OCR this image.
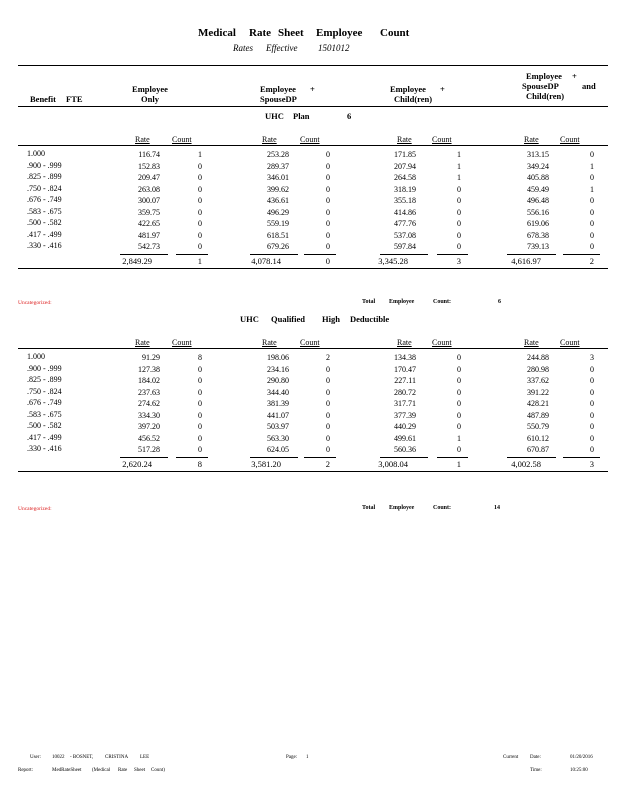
Medical Rate Sheet Employee Count
Rates Effective 1501012
Benefit	FTE
Employee
Only
Employee +
SpouseDP
Employee +
Child(ren)
Employee +
SpouseDP	and
Child(ren)
UHC Plan	6
Rate	Count	Rate	Count	Rate	Count	Rate	Count
1.000	116.74	1	253.28	0	171.85	1	313.15	0
.900 - .999	152.83	0	289.37	0	207.94	1	349.24	1
.825 - .899	209.47	0	346.01	0	264.58	1	405.88	0
.750 - .824	263.08	0	399.62	0	318.19	0	459.49	1
.676 - .749	300.07	0	436.61	0	355.18	0	496.48	0
.583 - .675	359.75	0	496.29	0	414.86	0	556.16	0
.500 - .582	422.65	0	559.19	0	477.76	0	619.06	0
.417 - .499	481.97	0	618.51	0	537.08	0	678.38	0
.330 - .416	542.73	0	679.26	0	597.84	0	739.13	0
2,849.29	1	4,078.14	0	3,345.28	3	4,616.97	2
Uncategorized:	Total Employee	Count:	6
UHC Qualified High Deductible
Rate	Count	Rate	Count	Rate	Count	Rate	Count
1.000	91.29	8	198.06	2	134.38	0	244.88	3
.900 - .999	127.38	0	234.16	0	170.47	0	280.98	0
.825 - .899	184.02	0	290.80	0	227.11	0	337.62	0
.750 - .824	237.63	0	344.40	0	280.72	0	391.22	0
.676 - .749	274.62	0	381.39	0	317.71	0	428.21	0
.583 - .675	334.30	0	441.07	0	377.39	0	487.89	0
.500 - .582	397.20	0	503.97	0	440.29	0	550.79	0
.417 - .499	456.52	0	563.30	0	499.61	1	610.12	0
.330 - .416	517.28	0	624.05	0	560.36	0	670.87	0
2,620.24	8	3,581.20	2	3,008.04	1	4,002.58	3
Uncategorized:	Total Employee	Count:	14
User: 10022 - BOSNET, CRISTINA LEE
Report:	MedRateSheet (Medical Rate Sheet Count)
Page: 1	Current Date:	01/20/2016
Time:	10:25:00
